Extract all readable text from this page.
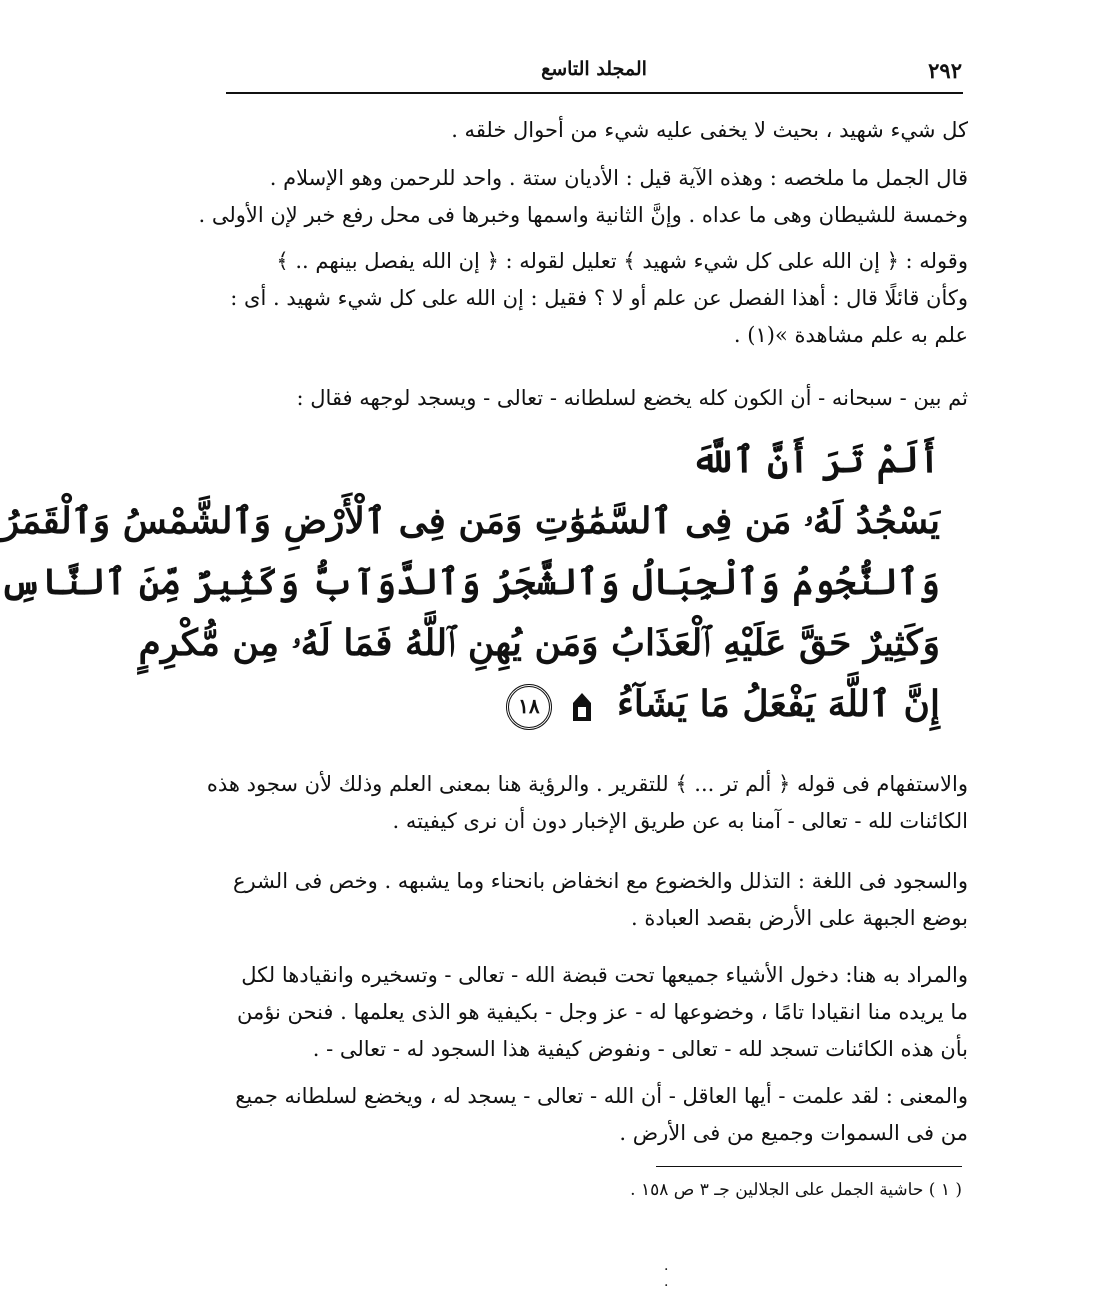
٢٩٢
المجلد التاسع
كل شيء شهيد ، بحيث لا يخفى عليه شيء من أحوال خلقه .
قال الجمل ما ملخصه : وهذه الآية قيل : الأديان ستة . واحد للرحمن وهو الإسلام .
وخمسة للشيطان وهى ما عداه . وإنَّ الثانية واسمها وخبرها فى محل رفع خبر لإن الأولى .
وقوله : ﴿ إن الله على كل شيء شهيد ﴾ تعليل لقوله : ﴿ إن الله يفصل بينهم .. ﴾
وكأن قائلًا قال : أهذا الفصل عن علم أو لا ؟ فقيل : إن الله على كل شيء شهيد . أى :
علم به علم مشاهدة »(١) .
ثم بين - سبحانه - أن الكون كله يخضع لسلطانه - تعالى - ويسجد لوجهه فقال :
أَلَمْ تَرَ أَنَّ ٱللَّهَ
يَسْجُدُ لَهُۥ مَن فِى ٱلسَّمَٰوَٰتِ وَمَن فِى ٱلْأَرْضِ وَٱلشَّمْسُ وَٱلْقَمَرُ
وَٱلنُّجُومُ وَٱلْجِبَالُ وَٱلشَّجَرُ وَٱلدَّوَآبُّ وَكَثِيرٌ مِّنَ ٱلنَّاسِ
وَكَثِيرٌ حَقَّ عَلَيْهِ ٱلْعَذَابُ وَمَن يُهِنِ ٱللَّهُ فَمَا لَهُۥ مِن مُّكْرِمٍ
إِنَّ ٱللَّهَ يَفْعَلُ مَا يَشَآءُ  ١٨
والاستفهام فى قوله ﴿ ألم تر ... ﴾ للتقرير . والرؤية هنا بمعنى العلم وذلك لأن سجود هذه
الكائنات لله - تعالى - آمنا به عن طريق الإخبار دون أن نرى كيفيته .
والسجود فى اللغة : التذلل والخضوع مع انخفاض بانحناء وما يشبهه . وخص فى الشرع
بوضع الجبهة على الأرض بقصد العبادة .
والمراد به هنا: دخول الأشياء جميعها تحت قبضة الله - تعالى - وتسخيره وانقيادها لكل
ما يريده منا انقيادا تامًا ، وخضوعها له - عز وجل - بكيفية هو الذى يعلمها . فنحن نؤمن
بأن هذه الكائنات تسجد لله - تعالى - ونفوض كيفية هذا السجود له - تعالى - .
والمعنى : لقد علمت - أيها العاقل - أن الله - تعالى - يسجد له ، ويخضع لسلطانه جميع
من فى السموات وجميع من فى الأرض .
( ١ ) حاشية الجمل على الجلالين جـ ٣ ص ١٥٨ .
·
·
